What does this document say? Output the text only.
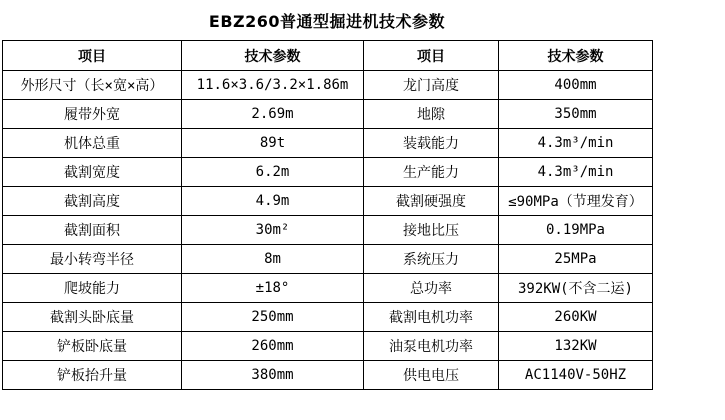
EBZ260普通型掘进机技术参数
项目	技术参数	项目	技术参数
外形尺寸（长×宽×高）	11.6×3.6/3.2×1.86m	龙门高度	400mm
履带外宽	2.69m	地隙	350mm
机体总重	89t	装载能力	4.3m³/min
截割宽度	6.2m	生产能力	4.3m³/min
截割高度	4.9m	截割硬强度	≤90MPa（节理发育）
截割面积	30m²	接地比压	0.19MPa
最小转弯半径	8m	系统压力	25MPa
爬坡能力	±18°	总功率	392KW(不含二运)
截割头卧底量	250mm	截割电机功率	260KW
铲板卧底量	260mm	油泵电机功率	132KW
铲板抬升量	380mm	供电电压	AC1140V-50HZ
